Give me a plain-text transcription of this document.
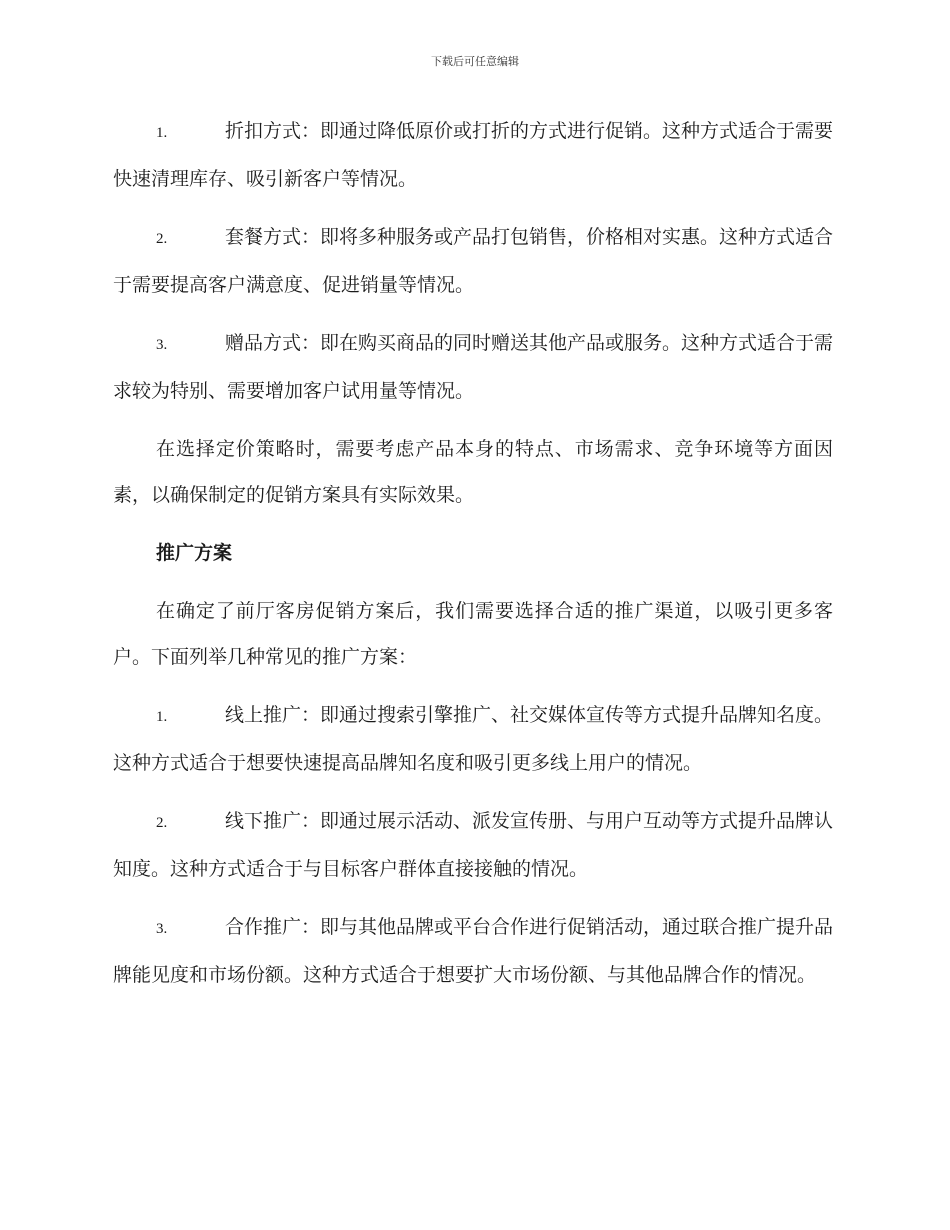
下载后可任意编辑
1.	折扣方式：即通过降低原价或打折的方式进行促销。这种方式适合于需要快速清理库存、吸引新客户等情况。
2.	套餐方式：即将多种服务或产品打包销售，价格相对实惠。这种方式适合于需要提高客户满意度、促进销量等情况。
3.	赠品方式：即在购买商品的同时赠送其他产品或服务。这种方式适合于需求较为特别、需要增加客户试用量等情况。

在选择定价策略时，需要考虑产品本身的特点、市场需求、竞争环境等方面因素，以确保制定的促销方案具有实际效果。

推广方案

在确定了前厅客房促销方案后，我们需要选择合适的推广渠道，以吸引更多客户。下面列举几种常见的推广方案：

1.	线上推广：即通过搜索引擎推广、社交媒体宣传等方式提升品牌知名度。这种方式适合于想要快速提高品牌知名度和吸引更多线上用户的情况。
2.	线下推广：即通过展示活动、派发宣传册、与用户互动等方式提升品牌认知度。这种方式适合于与目标客户群体直接接触的情况。
3.	合作推广：即与其他品牌或平台合作进行促销活动，通过联合推广提升品牌能见度和市场份额。这种方式适合于想要扩大市场份额、与其他品牌合作的情况。
